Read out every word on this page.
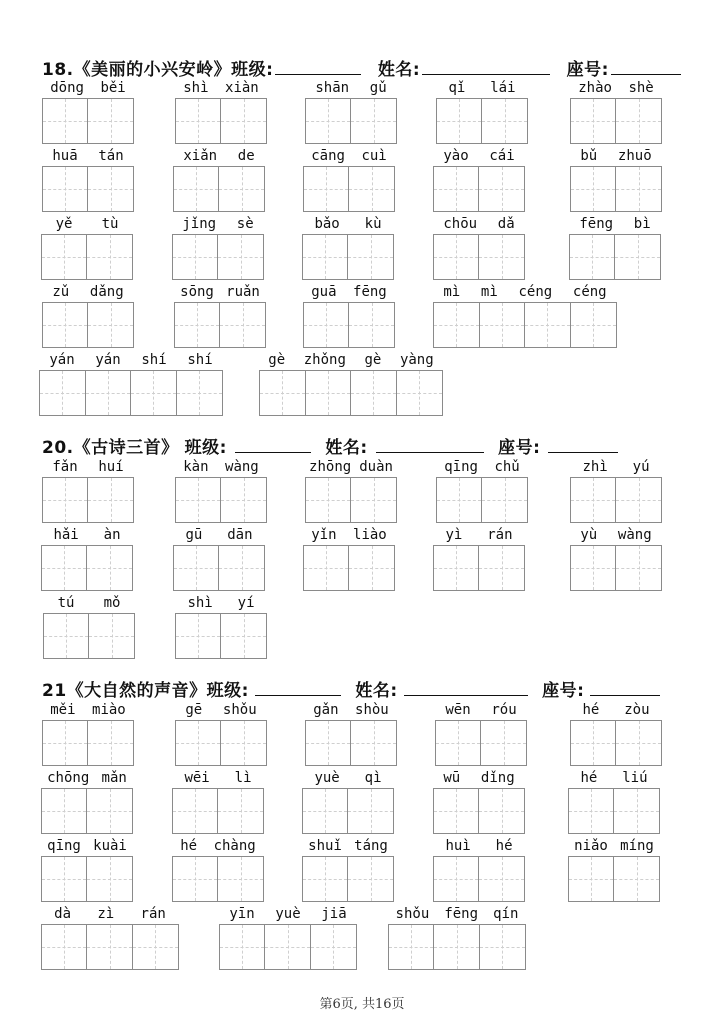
18.《美丽的小兴安岭》班级:	姓名:	座号:
20.《古诗三首》 班级:	姓名:	座号:
21《大自然的声音》班级:	姓名:	座号:
dōng běi	shì xiàn	shān gǔ	qǐ lái	zhào shè
huā tán	xiǎn de	cāng cuì	yào cái	bǔ zhuō
yě tù	jǐng sè	bǎo kù	chōu dǎ	fēng bì
zǔ dǎng	sōng ruǎn	guā fēng	mì mì céng céng
yán yán shí shí	gè zhǒng gè yàng
fǎn huí	kàn wàng	zhōng duàn	qīng chǔ	zhì yú
hǎi àn	gū dān	yǐn liào	yì rán	yù wàng
tú mǒ	shì yí
měi miào	gē shǒu	gǎn shòu	wēn róu	hé zòu
chōng mǎn	wēi lì	yuè qì	wū dǐng	hé liú
qīng kuài	hé chàng	shuǐ táng	huì hé	niǎo míng
dà zì rán	yīn yuè jiā	shǒu fēng qín
第6页, 共16页
